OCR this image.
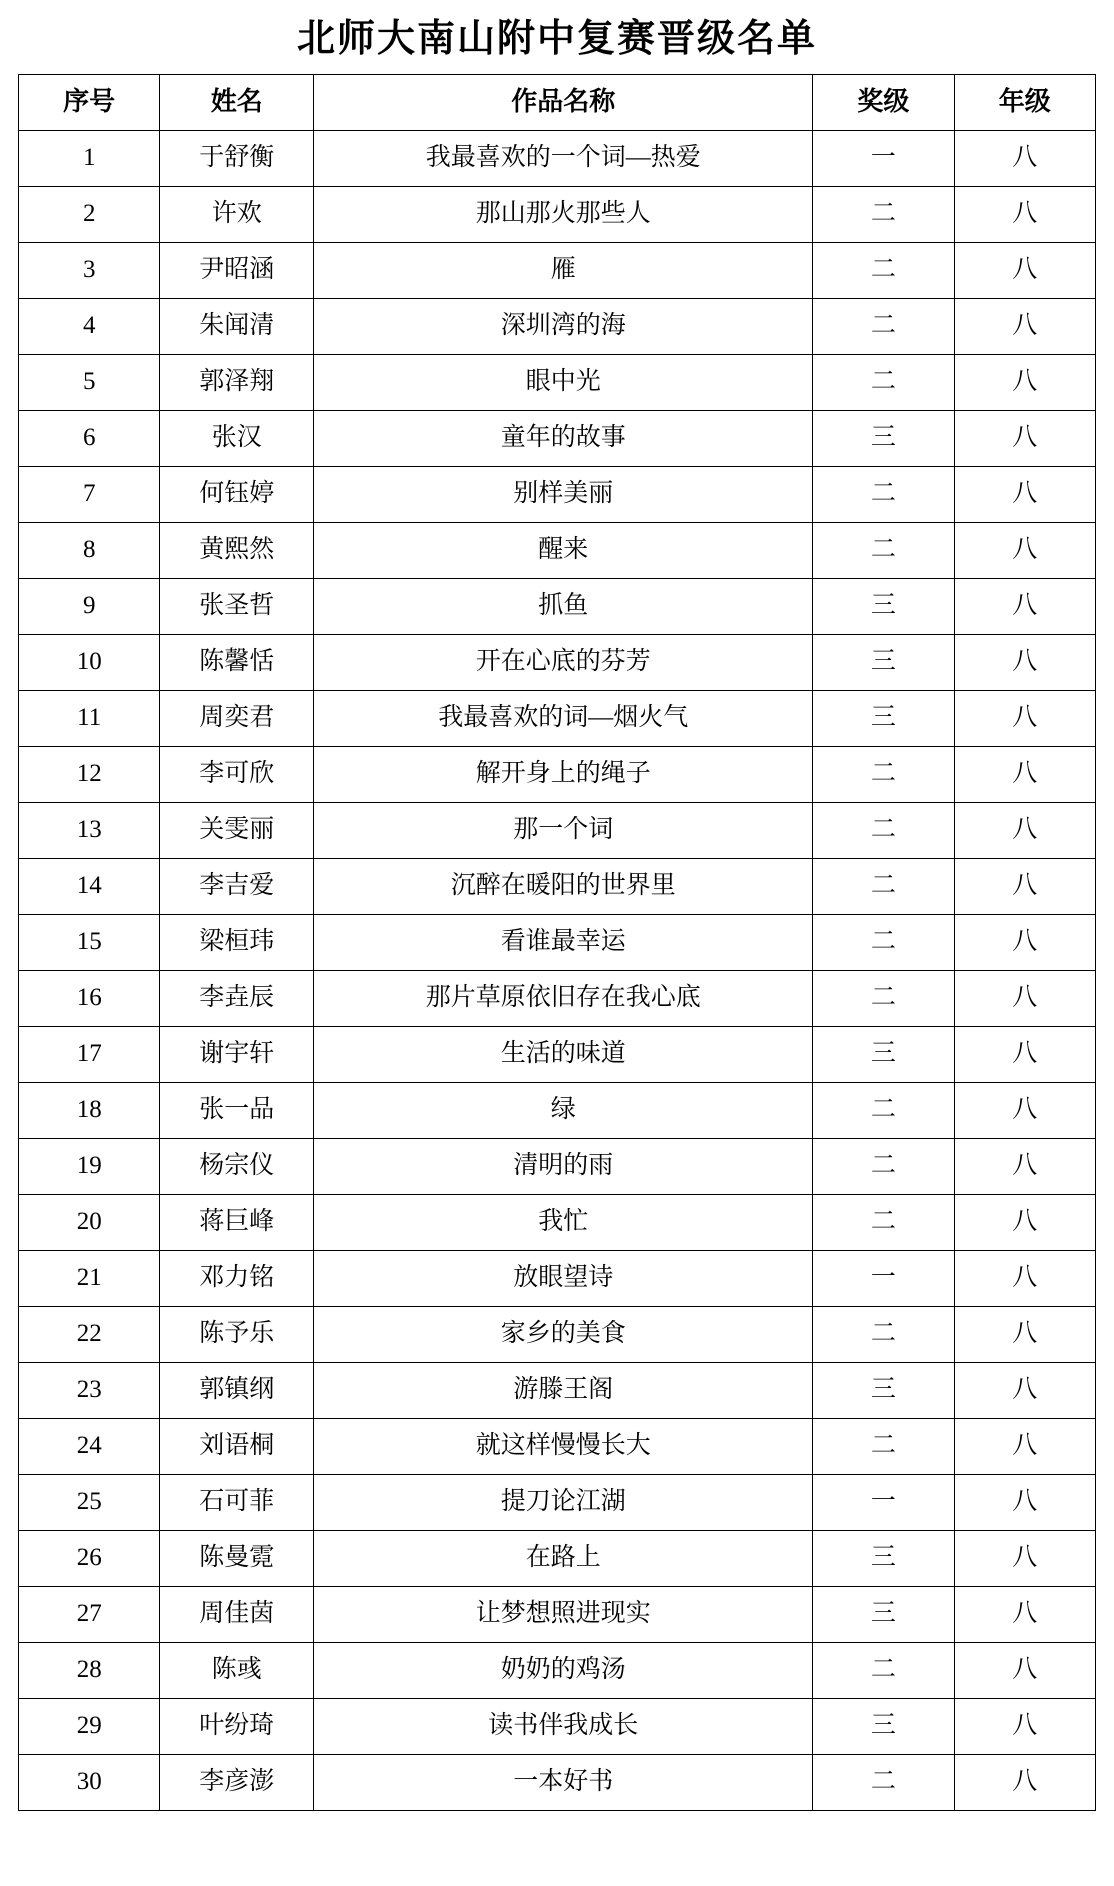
北师大南山附中复赛晋级名单
序号	姓名	作品名称	奖级	年级
1	于舒衡	我最喜欢的一个词—热爱	一	八
2	许欢	那山那火那些人	二	八
3	尹昭涵	雁	二	八
4	朱闻清	深圳湾的海	二	八
5	郭泽翔	眼中光	二	八
6	张汉	童年的故事	三	八
7	何钰婷	别样美丽	二	八
8	黄熙然	醒来	二	八
9	张圣哲	抓鱼	三	八
10	陈馨恬	开在心底的芬芳	三	八
11	周奕君	我最喜欢的词—烟火气	三	八
12	李可欣	解开身上的绳子	二	八
13	关雯丽	那一个词	二	八
14	李吉爱	沉醉在暖阳的世界里	二	八
15	梁桓玮	看谁最幸运	二	八
16	李垚辰	那片草原依旧存在我心底	二	八
17	谢宇轩	生活的味道	三	八
18	张一品	绿	二	八
19	杨宗仪	清明的雨	二	八
20	蒋巨峰	我忙	二	八
21	邓力铭	放眼望诗	一	八
22	陈予乐	家乡的美食	二	八
23	郭镇纲	游滕王阁	三	八
24	刘语桐	就这样慢慢长大	二	八
25	石可菲	提刀论江湖	一	八
26	陈曼霓	在路上	三	八
27	周佳茵	让梦想照进现实	三	八
28	陈彧	奶奶的鸡汤	二	八
29	叶纷琦	读书伴我成长	三	八
30	李彦澎	一本好书	二	八
